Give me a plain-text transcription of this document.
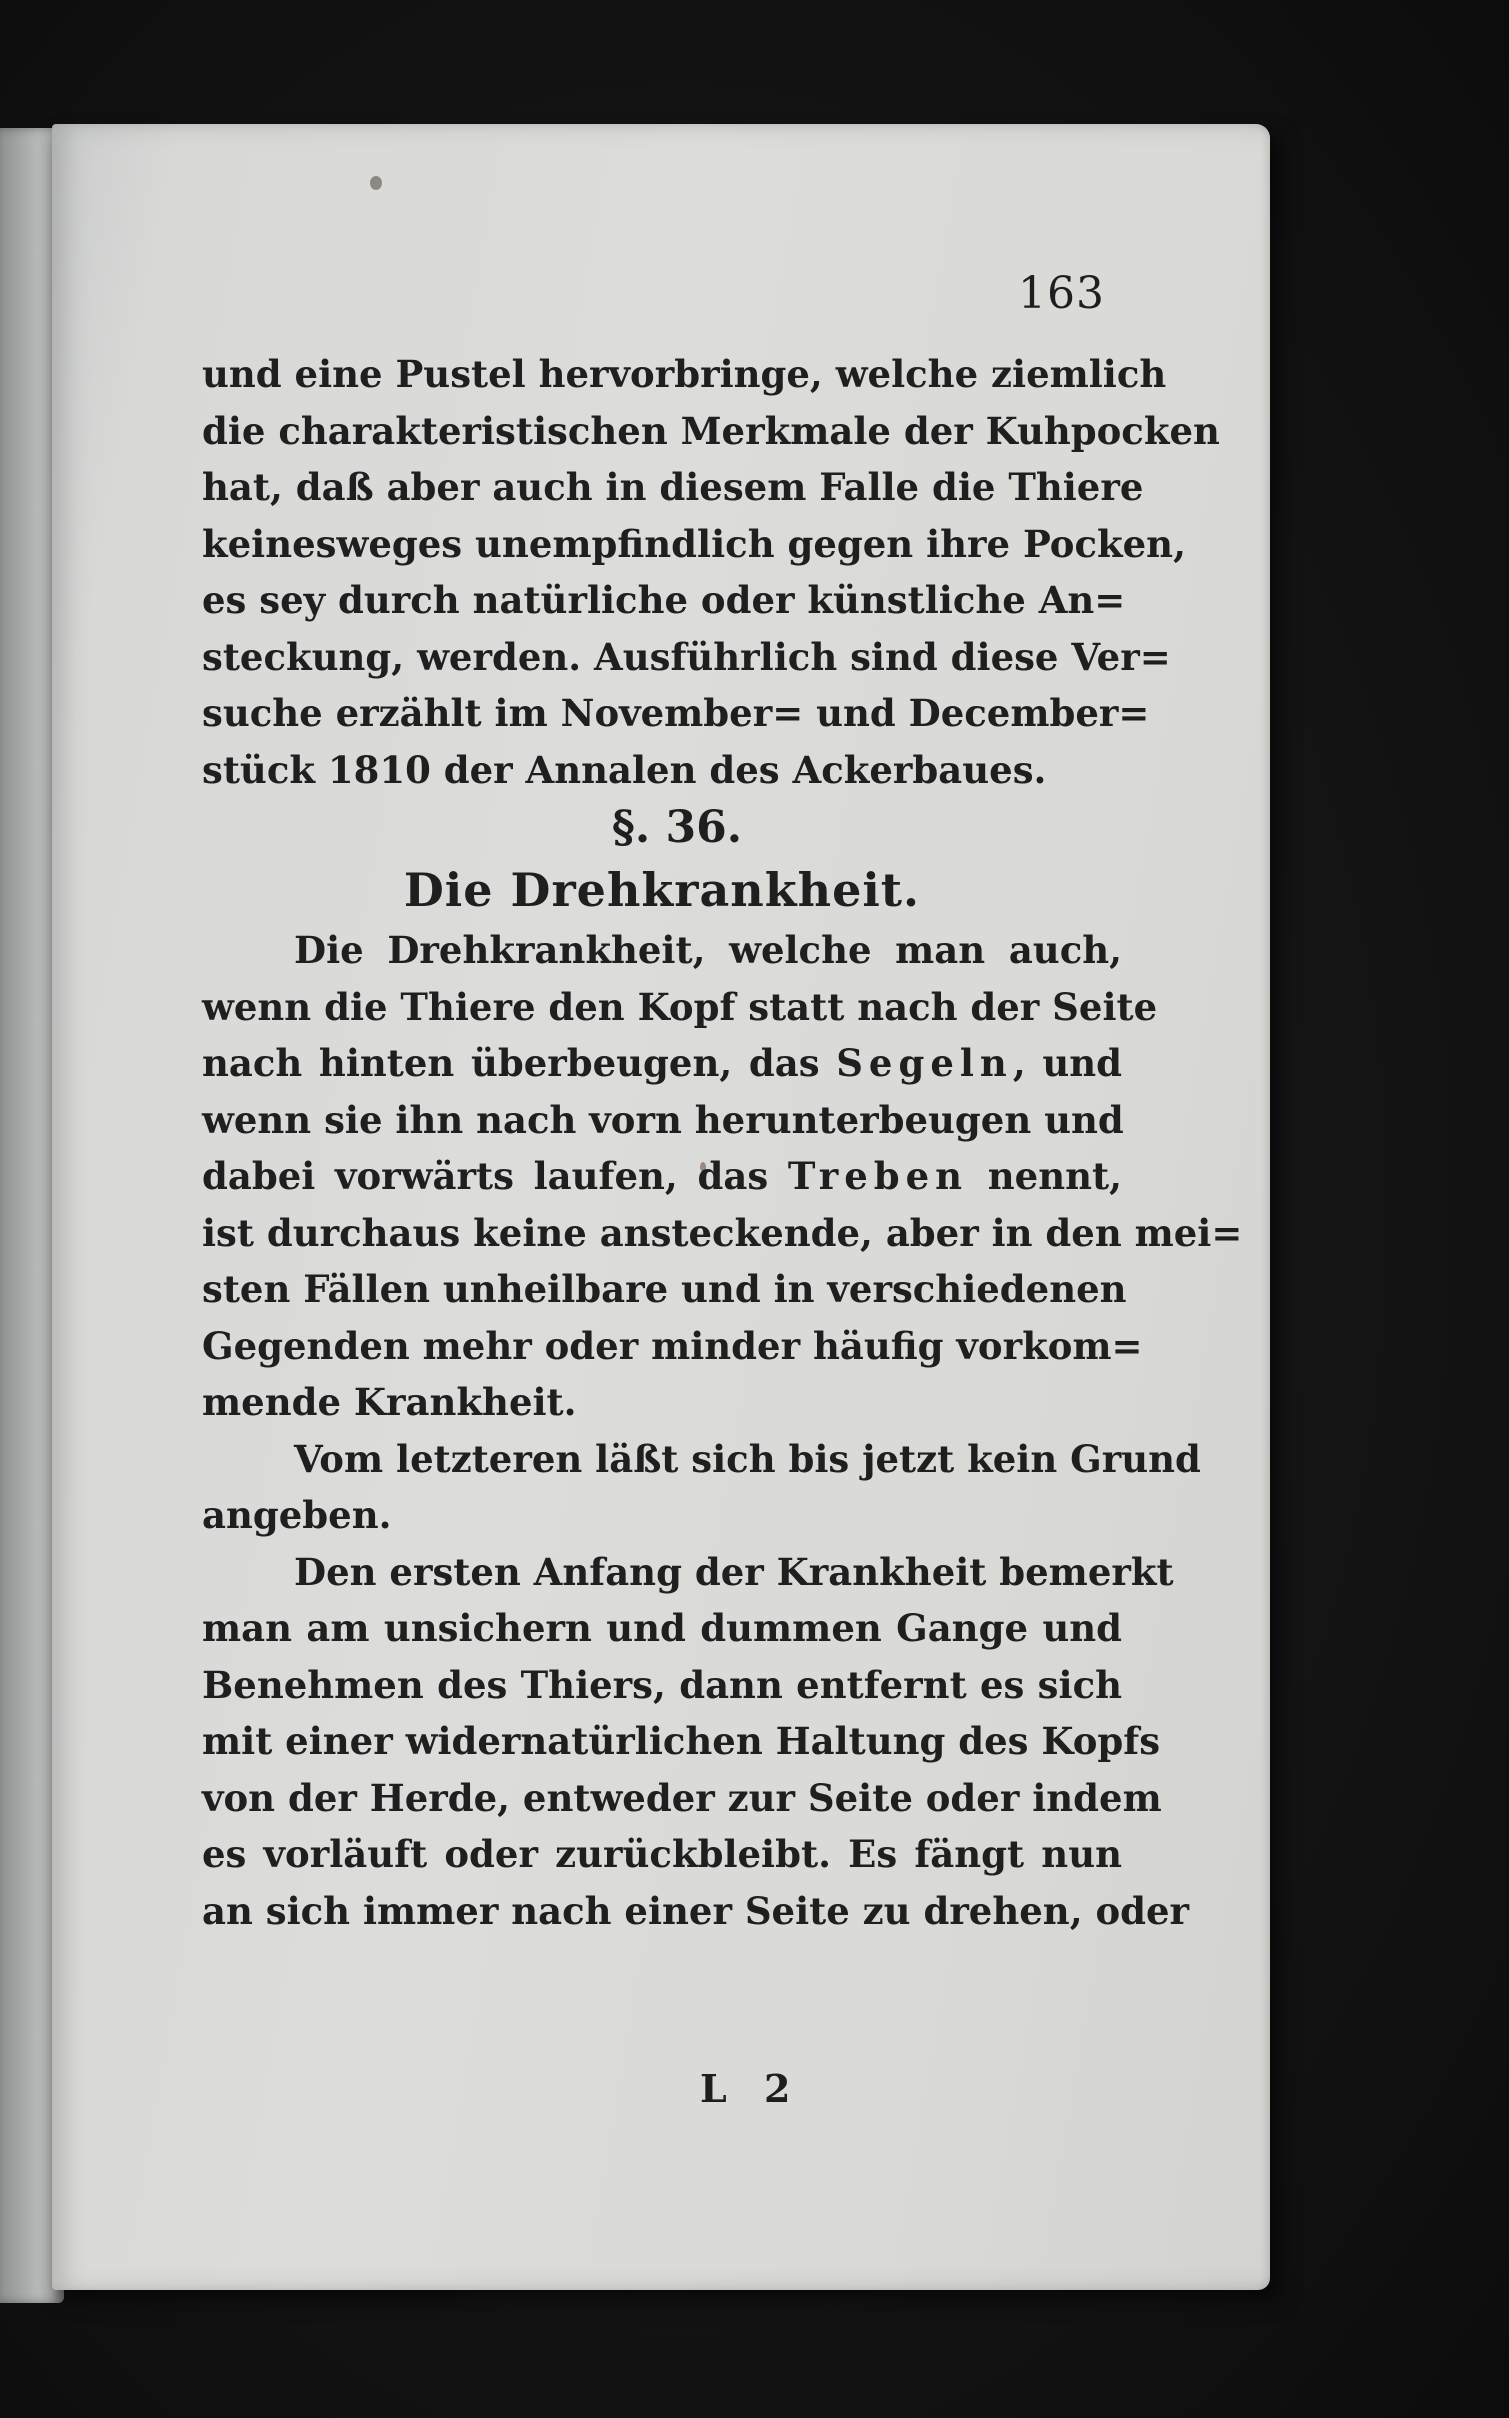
163
und eine Pustel hervorbringe, welche ziemlich
die charakteristischen Merkmale der Kuhpocken
hat, daß aber auch in diesem Falle die Thiere
keinesweges unempfindlich gegen ihre Pocken,
es sey durch natürliche oder künstliche An=
steckung, werden. Ausführlich sind diese Ver=
suche erzählt im November= und December=
stück 1810 der Annalen des Ackerbaues.
§. 36.
Die Drehkrankheit.
Die Drehkrankheit, welche man auch,
wenn die Thiere den Kopf statt nach der Seite
nach hinten überbeugen, das Segeln, und
wenn sie ihn nach vorn herunterbeugen und
dabei vorwärts laufen, das Treben nennt,
ist durchaus keine ansteckende, aber in den mei=
sten Fällen unheilbare und in verschiedenen
Gegenden mehr oder minder häufig vorkom=
mende Krankheit.
Vom letzteren läßt sich bis jetzt kein Grund
angeben.
Den ersten Anfang der Krankheit bemerkt
man am unsichern und dummen Gange und
Benehmen des Thiers, dann entfernt es sich
mit einer widernatürlichen Haltung des Kopfs
von der Herde, entweder zur Seite oder indem
es vorläuft oder zurückbleibt. Es fängt nun
an sich immer nach einer Seite zu drehen, oder
L 2
